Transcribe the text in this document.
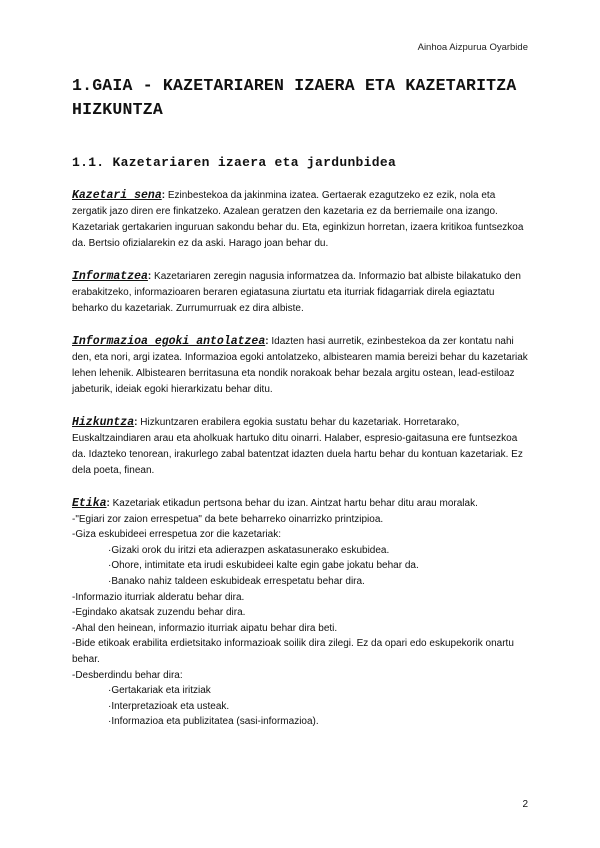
Ainhoa Aizpurua Oyarbide
1.GAIA - KAZETARIAREN IZAERA ETA KAZETARITZA HIZKUNTZA
1.1. Kazetariaren izaera eta jardunbidea

Kazetari sena: Ezinbestekoa da jakinmina izatea. Gertaerak ezagutzeko ez ezik, nola eta zergatik jazo diren ere finkatzeko. Azalean geratzen den kazetaria ez da berriemaile ona izango. Kazetariak gertakarien inguruan sakondu behar du. Eta, eginkizun horretan, izaera kritikoa funtsezkoa da. Bertsio ofizialarekin ez da aski. Harago joan behar du.

Informatzea: Kazetariaren zeregin nagusia informatzea da. Informazio bat albiste bilakatuko den erabakitzeko, informazioaren beraren egiatasuna ziurtatu eta iturriak fidagarriak direla egiaztatu beharko du kazetariak. Zurrumurruak ez dira albiste.

Informazioa egoki antolatzea: Idazten hasi aurretik, ezinbestekoa da zer kontatu nahi den, eta nori, argi izatea. Informazioa egoki antolatzeko, albistearen mamia bereizi behar du kazetariak lehen lehenik. Albistearen berritasuna eta nondik norakoak behar bezala argitu ostean, lead-estiloaz jabeturik, ideiak egoki hierarkizatu behar ditu.

Hizkuntza: Hizkuntzaren erabilera egokia sustatu behar du kazetariak. Horretarako, Euskaltzaindiaren arau eta aholkuak hartuko ditu oinarri. Halaber, espresio-gaitasuna ere funtsezkoa da. Idazteko tenorean, irakurlego zabal batentzat idazten duela hartu behar du kontuan kazetariak. Ez dela poeta, finean.

Etika: Kazetariak etikadun pertsona behar du izan. Aintzat hartu behar ditu arau moralak.

-"Egiari zor zaion errespetua" da bete beharreko oinarrizko printzipioa.

-Giza eskubideei errespetua zor die kazetariak:

·Gizaki orok du iritzi eta adierazpen askatasunerako eskubidea.

·Ohore, intimitate eta irudi eskubideei kalte egin gabe jokatu behar da.

·Banako nahiz taldeen eskubideak errespetatu behar dira.

-Informazio iturriak alderatu behar dira.

-Egindako akatsak zuzendu behar dira.

-Ahal den heinean, informazio iturriak aipatu behar dira beti.

-Bide etikoak erabilita erdietsitako informazioak soilik dira zilegi. Ez da opari edo eskupekorik onartu behar.

-Desberdindu behar dira:

·Gertakariak eta iritziak

·Interpretazioak eta usteak.

·Informazioa eta publizitatea (sasi-informazioa).

2
